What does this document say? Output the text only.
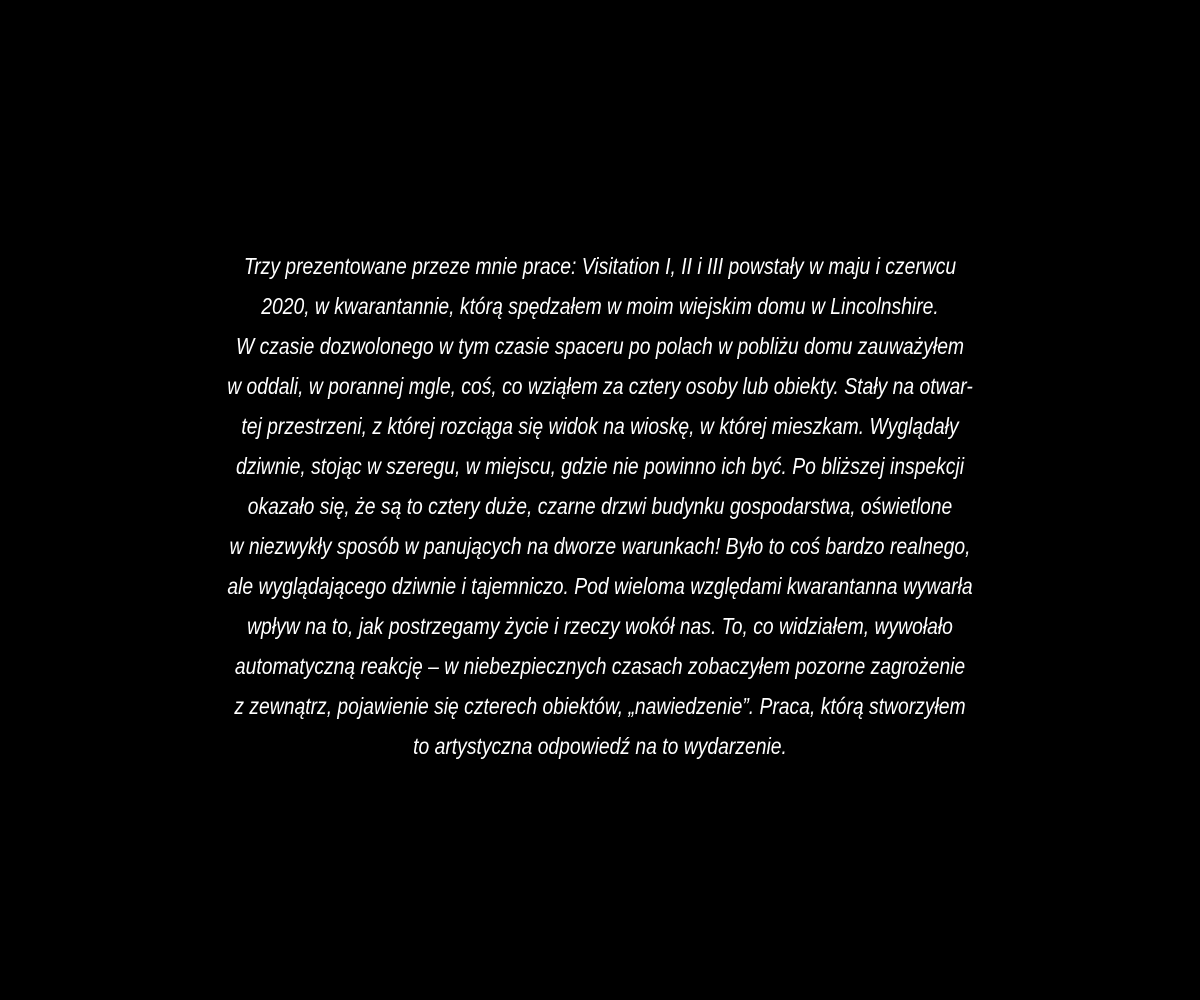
Trzy prezentowane przeze mnie prace: Visitation I, II i III powstały w maju i czerwcu
2020, w kwarantannie, którą spędzałem w moim wiejskim domu w Lincolnshire.
W czasie dozwolonego w tym czasie spaceru po polach w pobliżu domu zauważyłem
w oddali, w porannej mgle, coś, co wziąłem za cztery osoby lub obiekty. Stały na otwar-
tej przestrzeni, z której rozciąga się widok na wioskę, w której mieszkam. Wyglądały
dziwnie, stojąc w szeregu, w miejscu, gdzie nie powinno ich być. Po bliższej inspekcji
okazało się, że są to cztery duże, czarne drzwi budynku gospodarstwa, oświetlone
w niezwykły sposób w panujących na dworze warunkach! Było to coś bardzo realnego,
ale wyglądającego dziwnie i tajemniczo. Pod wieloma względami kwarantanna wywarła
wpływ na to, jak postrzegamy życie i rzeczy wokół nas. To, co widziałem, wywołało
automatyczną reakcję – w niebezpiecznych czasach zobaczyłem pozorne zagrożenie
z zewnątrz, pojawienie się czterech obiektów, „nawiedzenie”. Praca, którą stworzyłem
to artystyczna odpowiedź na to wydarzenie.
